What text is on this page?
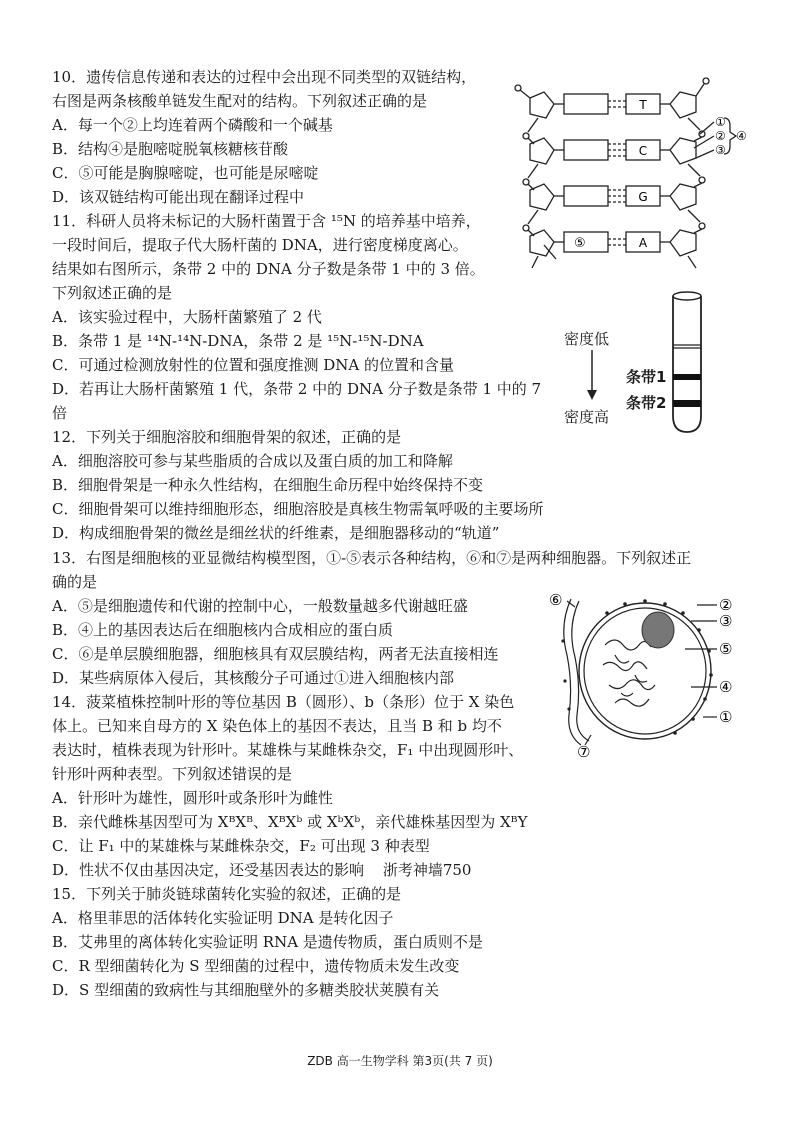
10．遗传信息传递和表达的过程中会出现不同类型的双链结构，
右图是两条核酸单链发生配对的结构。下列叙述正确的是
A．每一个②上均连着两个磷酸和一个碱基
B．结构④是胞嘧啶脱氧核糖核苷酸
C．⑤可能是胸腺嘧啶，也可能是尿嘧啶
D．该双链结构可能出现在翻译过程中
11．科研人员将未标记的大肠杆菌置于含 ¹⁵N 的培养基中培养，
一段时间后，提取子代大肠杆菌的 DNA，进行密度梯度离心。
结果如右图所示，条带 2 中的 DNA 分子数是条带 1 中的 3 倍。
下列叙述正确的是
A．该实验过程中，大肠杆菌繁殖了 2 代
B．条带 1 是 ¹⁴N-¹⁴N-DNA，条带 2 是 ¹⁵N-¹⁵N-DNA
C．可通过检测放射性的位置和强度推测 DNA 的位置和含量
D．若再让大肠杆菌繁殖 1 代，条带 2 中的 DNA 分子数是条带 1 中的 7
倍
12．下列关于细胞溶胶和细胞骨架的叙述，正确的是
A．细胞溶胶可参与某些脂质的合成以及蛋白质的加工和降解
B．细胞骨架是一种永久性结构，在细胞生命历程中始终保持不变
C．细胞骨架可以维持细胞形态，细胞溶胶是真核生物需氧呼吸的主要场所
D．构成细胞骨架的微丝是细丝状的纤维素，是细胞器移动的“轨道”
13．右图是细胞核的亚显微结构模型图，①-⑤表示各种结构，⑥和⑦是两种细胞器。下列叙述正
确的是
A．⑤是细胞遗传和代谢的控制中心，一般数量越多代谢越旺盛
B．④上的基因表达后在细胞核内合成相应的蛋白质
C．⑥是单层膜细胞器，细胞核具有双层膜结构，两者无法直接相连
D．某些病原体入侵后，其核酸分子可通过①进入细胞核内部
14．菠菜植株控制叶形的等位基因 B（圆形）、b（条形）位于 X 染色
体上。已知来自母方的 X 染色体上的基因不表达，且当 B 和 b 均不
表达时，植株表现为针形叶。某雄株与某雌株杂交，F₁ 中出现圆形叶、
针形叶两种表型。下列叙述错误的是
A．针形叶为雄性，圆形叶或条形叶为雌性
B．亲代雌株基因型可为 XᴮXᴮ、XᴮXᵇ 或 XᵇXᵇ，亲代雄株基因型为 XᴮY
C．让 F₁ 中的某雄株与某雌株杂交，F₂ 可出现 3 种表型
D．性状不仅由基因决定，还受基因表达的影响 浙考神墙750
15．下列关于肺炎链球菌转化实验的叙述，正确的是
A．格里菲思的活体转化实验证明 DNA 是转化因子
B．艾弗里的离体转化实验证明 RNA 是遗传物质，蛋白质则不是
C．R 型细菌转化为 S 型细菌的过程中，遗传物质未发生改变
D．S 型细菌的致病性与其细胞壁外的多糖类胶状荚膜有关
T
C
G
A
①
②
③
④
⑤
密度低
密度高
条带1
条带2
⑥	②
③
⑤
④
①
⑦
ZDB 高一生物学科 第3页(共 7 页)
